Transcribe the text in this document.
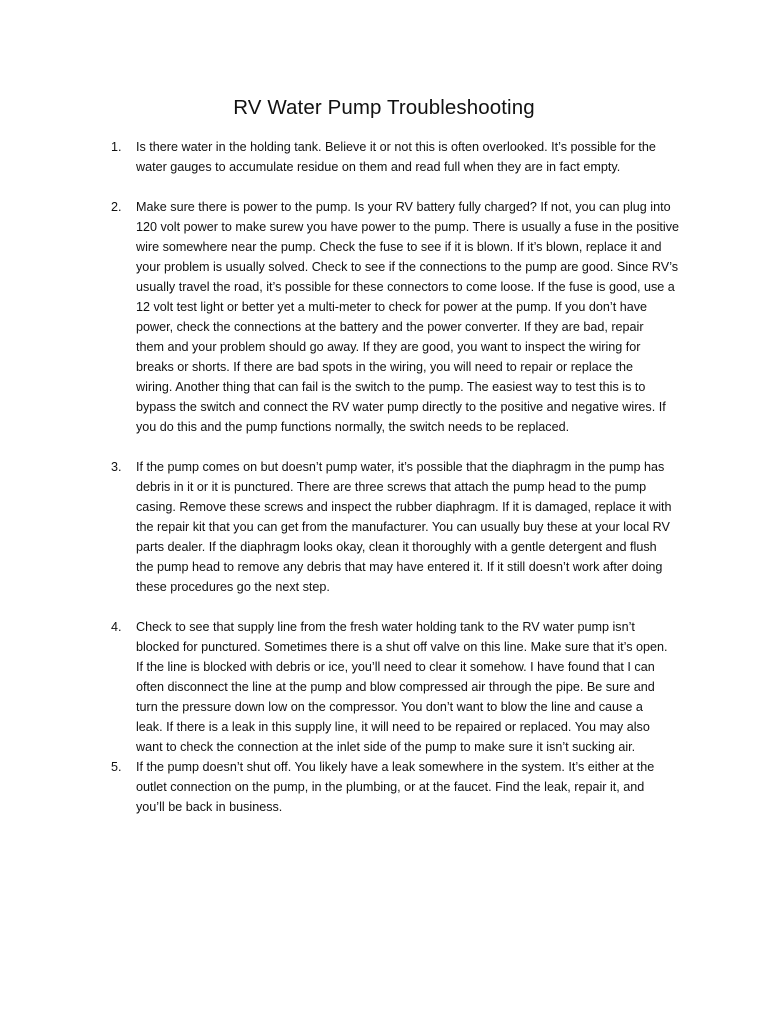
RV Water Pump Troubleshooting
1. Is there water in the holding tank. Believe it or not this is often overlooked. It’s possible for the
water gauges to accumulate residue on them and read full when they are in fact empty.

2. Make sure there is power to the pump. Is your RV battery fully charged? If not, you can plug into
120 volt power to make surew you have power to the pump. There is usually a fuse in the positive
wire somewhere near the pump. Check the fuse to see if it is blown. If it’s blown, replace it and
your problem is usually solved. Check to see if the connections to the pump are good. Since RV’s
usually travel the road, it’s possible for these connectors to come loose. If the fuse is good, use a
12 volt test light or better yet a multi-meter to check for power at the pump. If you don’t have
power, check the connections at the battery and the power converter. If they are bad, repair
them and your problem should go away. If they are good, you want to inspect the wiring for
breaks or shorts. If there are bad spots in the wiring, you will need to repair or replace the
wiring. Another thing that can fail is the switch to the pump. The easiest way to test this is to
bypass the switch and connect the RV water pump directly to the positive and negative wires. If
you do this and the pump functions normally, the switch needs to be replaced.

3. If the pump comes on but doesn’t pump water, it’s possible that the diaphragm in the pump has
debris in it or it is punctured. There are three screws that attach the pump head to the pump
casing. Remove these screws and inspect the rubber diaphragm. If it is damaged, replace it with
the repair kit that you can get from the manufacturer. You can usually buy these at your local RV
parts dealer. If the diaphragm looks okay, clean it thoroughly with a gentle detergent and flush
the pump head to remove any debris that may have entered it. If it still doesn’t work after doing
these procedures go the next step.

4. Check to see that supply line from the fresh water holding tank to the RV water pump isn’t
blocked for punctured. Sometimes there is a shut off valve on this line. Make sure that it’s open.
If the line is blocked with debris or ice, you’ll need to clear it somehow. I have found that I can
often disconnect the line at the pump and blow compressed air through the pipe. Be sure and
turn the pressure down low on the compressor. You don’t want to blow the line and cause a
leak. If there is a leak in this supply line, it will need to be repaired or replaced. You may also
want to check the connection at the inlet side of the pump to make sure it isn’t sucking air.

5. If the pump doesn’t shut off. You likely have a leak somewhere in the system. It’s either at the
outlet connection on the pump, in the plumbing, or at the faucet. Find the leak, repair it, and
you’ll be back in business.
